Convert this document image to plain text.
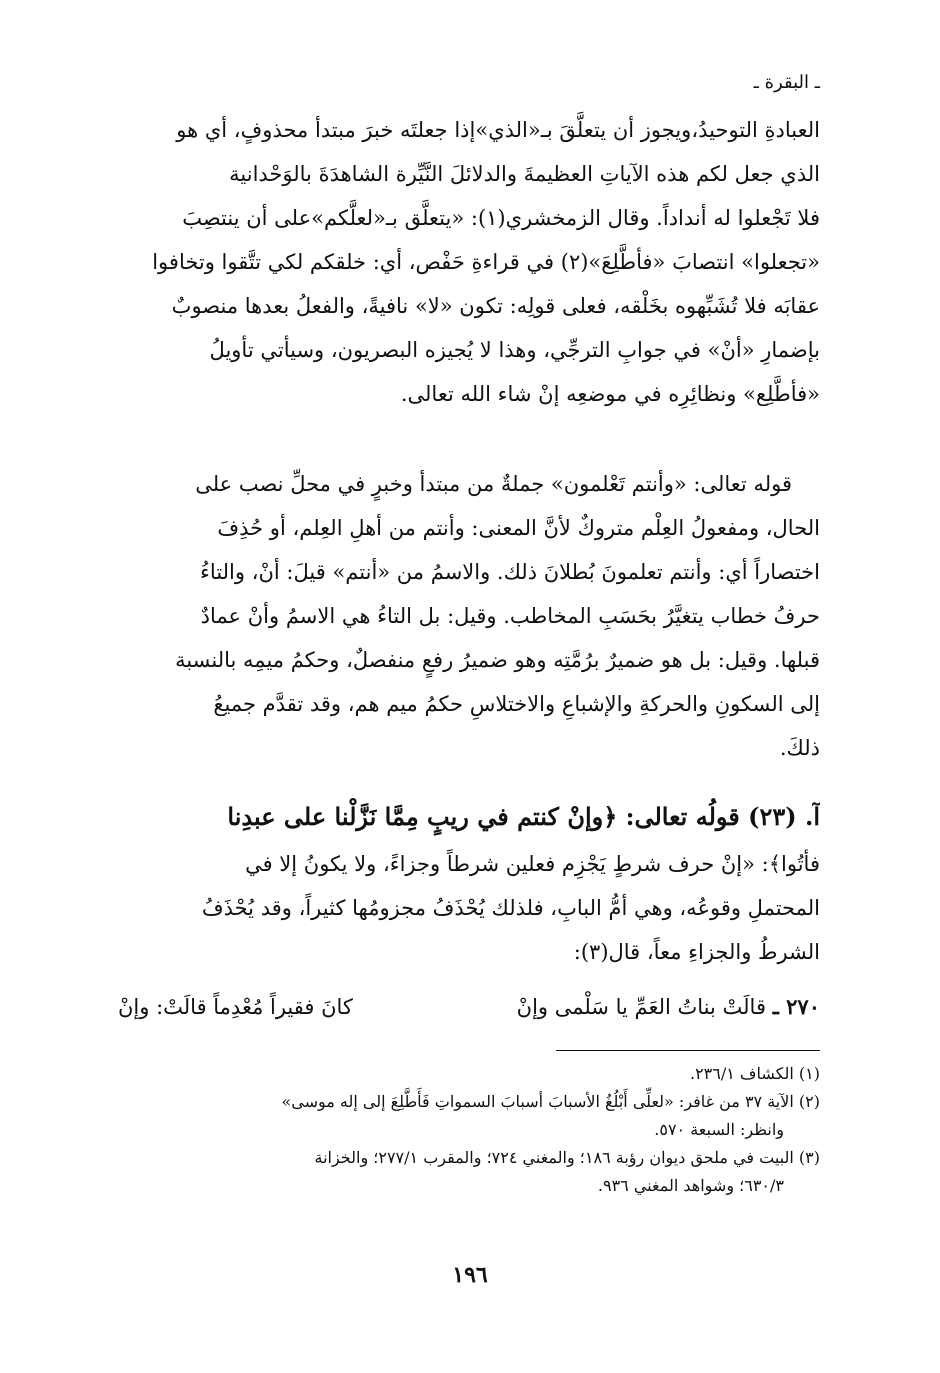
ـ البقرة ـ
العبادةِ التوحيدُ،ويجوز أن يتعلَّقَ بـ«الذي»إذا جعلتَه خبرَ مبتدأ محذوفٍ، أي هو
الذي جعل لكم هذه الآياتِ العظيمةَ والدلائلَ النَّيِّرة الشاهدَةَ بالوَحْدانية
فلا تَجْعلوا له أنداداً. وقال الزمخشري(١): «يتعلَّق بـ«لعلَّكم»على أن ينتصِبَ
«تجعلوا» انتصابَ «فأطَّلِعَ»(٢) في قراءةِ حَفْص، أي: خلقكم لكي تتَّقوا وتخافوا
عقابَه فلا تُشَبِّهوه بخَلْقه، فعلى قولِه: تكون «لا» نافيةً، والفعلُ بعدها منصوبٌ
بإضمارِ «أنْ» في جوابِ الترجِّي، وهذا لا يُجيزه البصريون، وسيأتي تأويلُ
«فأطَّلِع» ونظائِرِه في موضعِه إنْ شاء الله تعالى.
قوله تعالى: «وأنتم تَعْلمون» جملةٌ من مبتدأ وخبرٍ في محلِّ نصب على
الحال، ومفعولُ العِلْم متروكٌ لأنَّ المعنى: وأنتم من أهلِ العِلم، أو حُذِفَ
اختصاراً أي: وأنتم تعلمونَ بُطلانَ ذلك. والاسمُ من «أنتم» قيلَ: أنْ، والتاءُ
حرفُ خطاب يتغيَّرُ بحَسَبِ المخاطب. وقيل: بل التاءُ هي الاسمُ وأنْ عمادٌ
قبلها. وقيل: بل هو ضميرٌ برُمَّتِه وهو ضميرُ رفعٍ منفصلٌ، وحكمُ ميمِه بالنسبة
إلى السكونِ والحركةِ والإشباعِ والاختلاسِ حكمُ ميم هم، وقد تقدَّم جميعُ
ذلكَ.
آ. (٢٣) قولُه تعالى: ﴿وإنْ كنتم في ريبٍ مِمَّا نَزَّلْنا على عبدِنا
فأتُوا﴾: «إنْ حرف شرطٍ يَجْزِم فعلين شرطاً وجزاءً، ولا يكونُ إلا في
المحتملِ وقوعُه، وهي أمُّ البابِ، فلذلك يُحْذَفُ مجزومُها كثيراً، وقد يُحْذَفُ
الشرطُ والجزاءِ معاً، قال(٣):
٢٧٠ ـ قالَتْ بناتُ العَمِّ يا سَلْمى وإنْ
كانَ فقيراً مُعْدِماً قالَتْ: وإنْ
(١) الكشاف ٢٣٦/١.
(٢) الآية ٣٧ من غافر: «لعلِّى أَبْلُغُ الأسبابَ أسبابَ السمواتِ فَأَطَّلِعَ إلى إله موسى»
وانظر: السبعة ٥٧٠.
(٣) البيت في ملحق ديوان رؤبة ١٨٦؛ والمغني ٧٢٤؛ والمقرب ٢٧٧/١؛ والخزانة
٦٣٠/٣؛ وشواهد المغني ٩٣٦.
١٩٦
